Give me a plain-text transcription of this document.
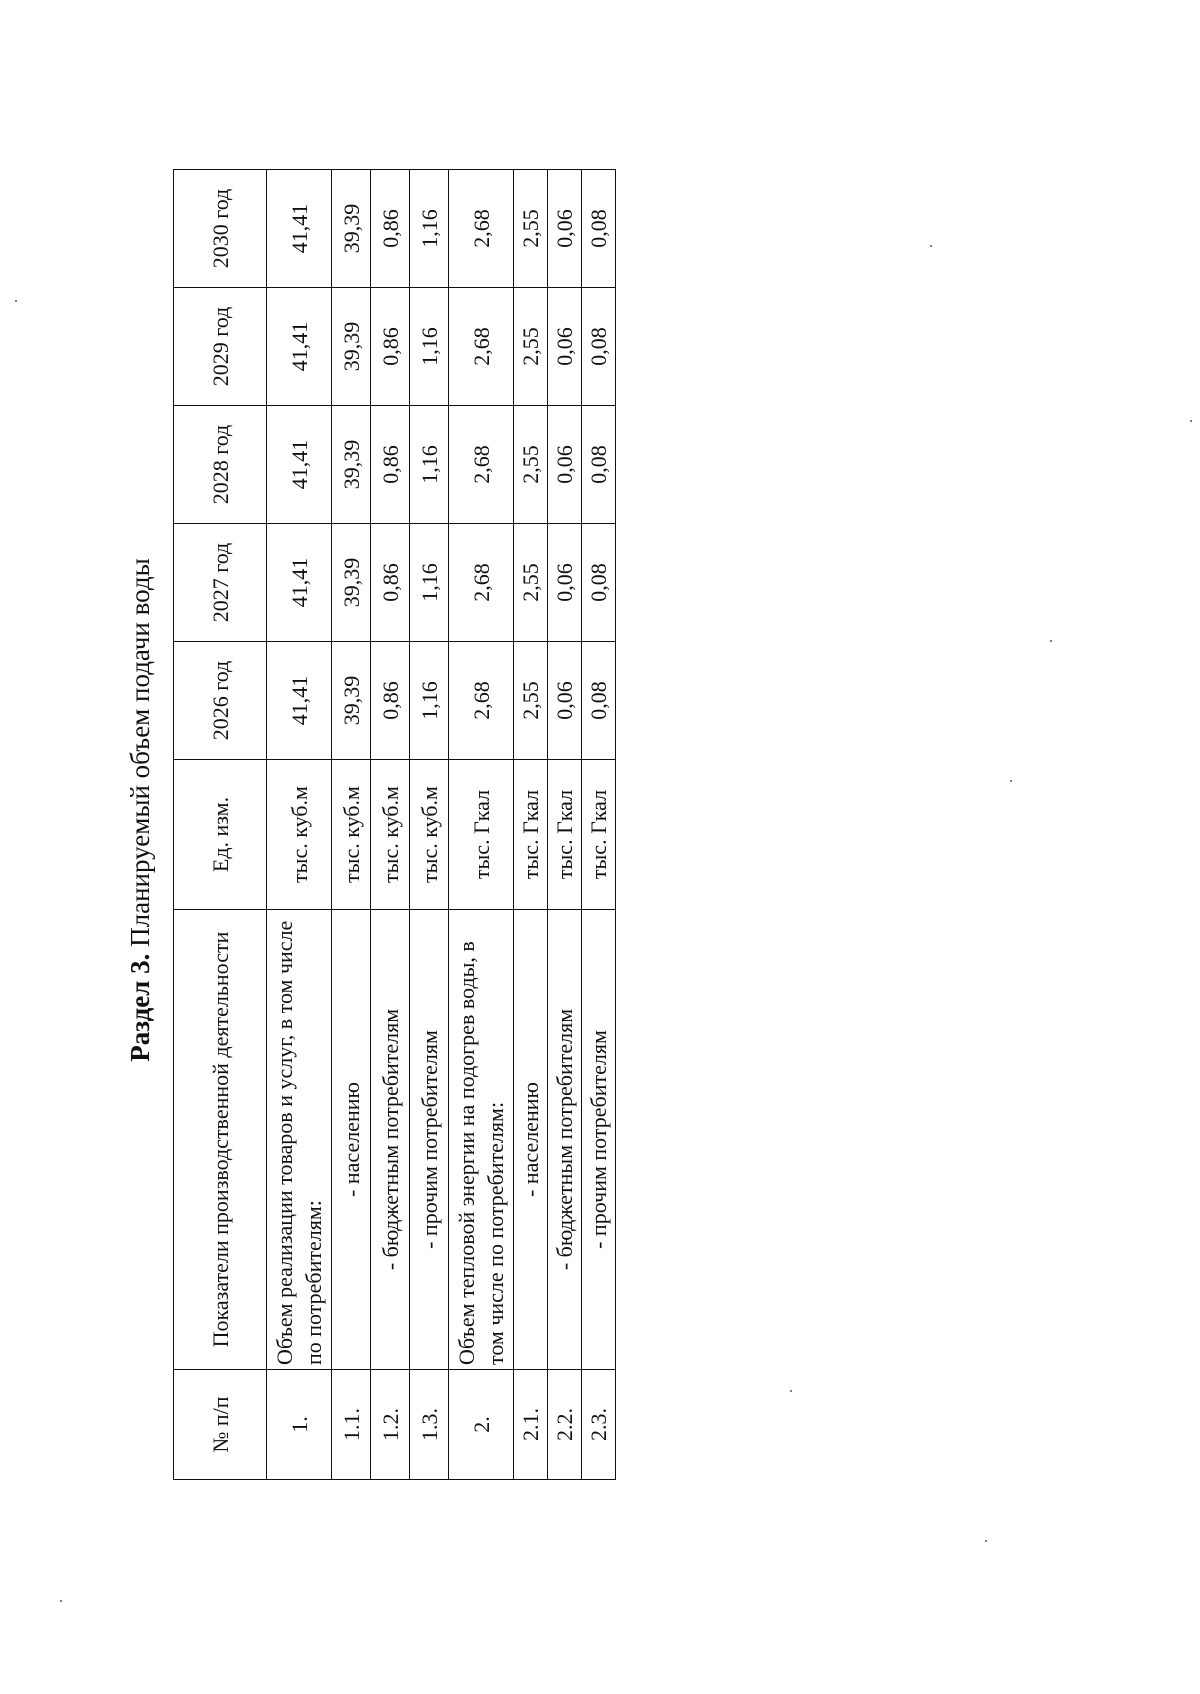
Раздел 3. Планируемый объем подачи воды
№ п/п	Показатели производственной деятельности	Ед. изм.	2026 год	2027 год	2028 год	2029 год	2030 год
1.	Объем реализации товаров и услуг, в том числе по потребителям:	тыс. куб.м	41,41	41,41	41,41	41,41	41,41
1.1.	- населению	тыс. куб.м	39,39	39,39	39,39	39,39	39,39
1.2.	- бюджетным потребителям	тыс. куб.м	0,86	0,86	0,86	0,86	0,86
1.3.	- прочим потребителям	тыс. куб.м	1,16	1,16	1,16	1,16	1,16
2.	Объем тепловой энергии на подогрев воды, в том числе по потребителям:	тыс. Гкал	2,68	2,68	2,68	2,68	2,68
2.1.	- населению	тыс. Гкал	2,55	2,55	2,55	2,55	2,55
2.2.	- бюджетным потребителям	тыс. Гкал	0,06	0,06	0,06	0,06	0,06
2.3.	- прочим потребителям	тыс. Гкал	0,08	0,08	0,08	0,08	0,08
